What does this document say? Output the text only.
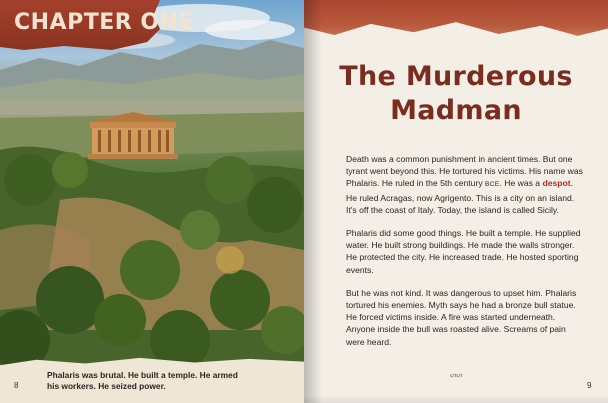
CHAPTER ONE
Phalaris was brutal. He built a temple. He armed his workers. He seized power.
8
The Murderous
Madman

Death was a common punishment in ancient times. But one tyrant went beyond this. He tortured his victims. His name was Phalaris. He ruled in the 5th century BCE. He was a despot. He ruled Acragas, now Agrigento. This is a city on an island. It's off the coast of Italy. Today, the island is called Sicily.

Phalaris did some good things. He built a temple. He supplied water. He built strong buildings. He made the walls stronger. He protected the city. He increased trade. He hosted sporting events.

But he was not kind. It was dangerous to upset him. Phalaris tortured his enemies. Myth says he had a bronze bull statue. He forced victims inside. A fire was started underneath. Anyone inside the bull was roasted alive. Screams of pain were heard.

ᔕᔕ
9
